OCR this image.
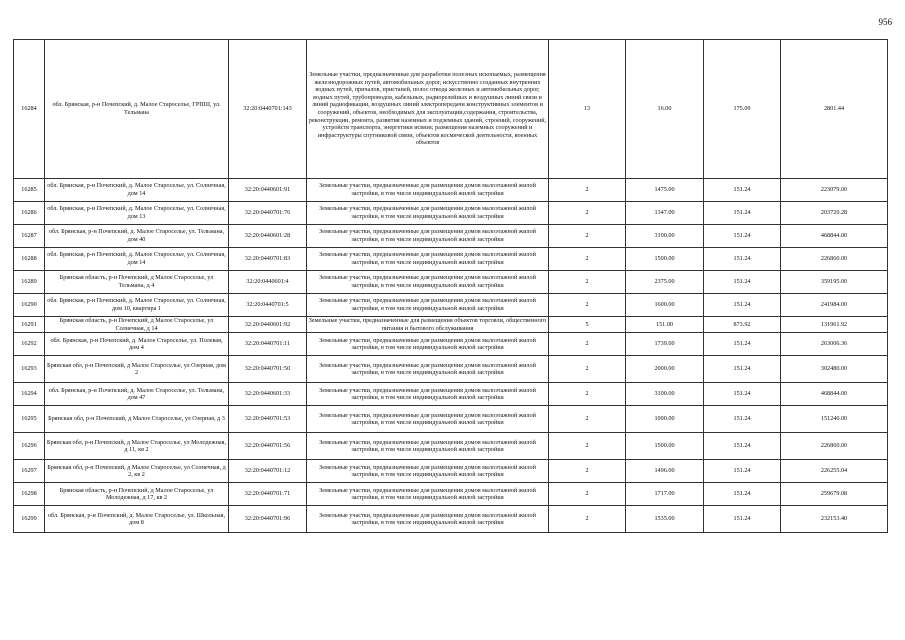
956
16284	обл. Брянская, р-н Почепский, д. Малое Староселье, ГРПШ, ул. Тельмана	32:20:0440701:143	Земельные участки, предназначенные для разработки полезных ископаемых, размещения железнодорожных путей, автомобильных дорог, искусственно созданных внутренних водных путей, причалов, пристаней, полос отвода железных и автомобильных дорог, водных путей, трубопроводов, кабельных, радиорелейных и воздушных линий связи и линий радиофикации, воздушных линий электропередачи конструктивных элементов и сооружений, объектов, необходимых для эксплуатации,содержания, строительства, реконструкции, ремонта, развития наземных и подземных зданий, строений, сооружений, устройств транспорта, энергетики исвязи; размещения наземных сооружений и инфраструктуры спутниковой связи, объектов космической деятельности, военных объектов	13	16.00	175.09	2801.44
16285	обл. Брянская, р-н Почепский, д. Малое Староселье, ул. Солнечная, дом 14	32:20:0440601:91	Земельные участки, предназначенные для размещения домов малоэтажной жилой застройки, в том числе индивидуальной жилой застройки	2	1475.00	151.24	223079.00
16286	обл. Брянская, р-н Почепский, д. Малое Староселье, ул. Солнечная, дом 13	32:20:0440701:76	Земельные участки, предназначенные для размещения домов малоэтажной жилой застройки, в том числе индивидуальной жилой застройки	2	1347.00	151.24	203720.28
16287	обл. Брянская, р-н Почепский, д. Малое Староселье, ул. Тельмана, дом 40	32:20:0440601:28	Земельные участки, предназначенные для размещения домов малоэтажной жилой застройки, в том числе индивидуальной жилой застройки	2	3100.00	151.24	468844.00
16288	обл. Брянская, р-н Почепский, д. Малое Староселье, ул. Солнечная, дом 14	32:20:0440701:83	Земельные участки, предназначенные для размещения домов малоэтажной жилой застройки, в том числе индивидуальной жилой застройки	2	1500.00	151.24	226860.00
16289	Брянская область, р-н Почепский, д Малое Староселье, ул Тельмана, д 4	32:20:0440601:4	Земельные участки, предназначенные для размещения домов малоэтажной жилой застройки, в том числе индивидуальной жилой застройки	2	2375.00	151.24	359195.00
16290	обл. Брянская, р-н Почепский, д. Малое Староселье, ул. Солнечная, дом 10, квартира 1	32:20:0440701:5	Земельные участки, предназначенные для размещения домов малоэтажной жилой застройки, в том числе индивидуальной жилой застройки	2	1600.00	151.24	241984.00
16291	Брянская область, р-н Почепский, д Малое Староселье, ул Солнечная, д 14	32:20:0440601:92	Земельные участки, предназначенные для размещения объектов торговли, общественного питания и бытового обслуживания	5	151.00	873.92	131961.92
16292	обл. Брянская, р-н Почепский, д. Малое Староселье, ул. Полевая, дом 4	32:20:0440701:11	Земельные участки, предназначенные для размещения домов малоэтажной жилой застройки, в том числе индивидуальной жилой застройки	2	1739.00	151.24	263006.36
16293	Брянская обл, р-н Почепский, д Малое Староселье, ул Озерная, дом 2	32:20:0440701:50	Земельные участки, предназначенные для размещения домов малоэтажной жилой застройки, в том числе индивидуальной жилой застройки	2	2000.00	151.24	302480.00
16294	обл. Брянская, р-н Почепский, д. Малое Староселье, ул. Тельмана, дом 47	32:20:0440601:33	Земельные участки, предназначенные для размещения домов малоэтажной жилой застройки, в том числе индивидуальной жилой застройки	2	3100.00	151.24	468844.00
16295	Брянская обл, р-н Почепский, д Малое Староселье, ул Озерная, д 3	32:20:0440701:53	Земельные участки, предназначенные для размещения домов малоэтажной жилой застройки, в том числе индивидуальной жилой застройки	2	1000.00	151.24	151240.00
16296	Брянская обл, р-н Почепский, д Малое Староселье, ул Молодежная, д 11, кв 2	32:20:0440701:56	Земельные участки, предназначенные для размещения домов малоэтажной жилой застройки, в том числе индивидуальной жилой застройки	2	1500.00	151.24	226860.00
16297	Брянская обл, р-н Почепский, д Малое Староселье, ул Солнечная, д 2, кв 2	32:20:0440701:12	Земельные участки, предназначенные для размещения домов малоэтажной жилой застройки, в том числе индивидуальной жилой застройки	2	1496.00	151.24	226255.04
16298	Брянская область, р-н Почепский, д Малое Староселье, ул Молодежная, д 17, кв 2	32:20:0440701:71	Земельные участки, предназначенные для размещения домов малоэтажной жилой застройки, в том числе индивидуальной жилой застройки	2	1717.00	151.24	259679.08
16299	обл. Брянская, р-н Почепский, д. Малое Староселье, ул. Школьная, дом 8	32:20:0440701:96	Земельные участки, предназначенные для размещения домов малоэтажной жилой застройки, в том числе индивидуальной жилой застройки	2	1535.00	151.24	232153.40
